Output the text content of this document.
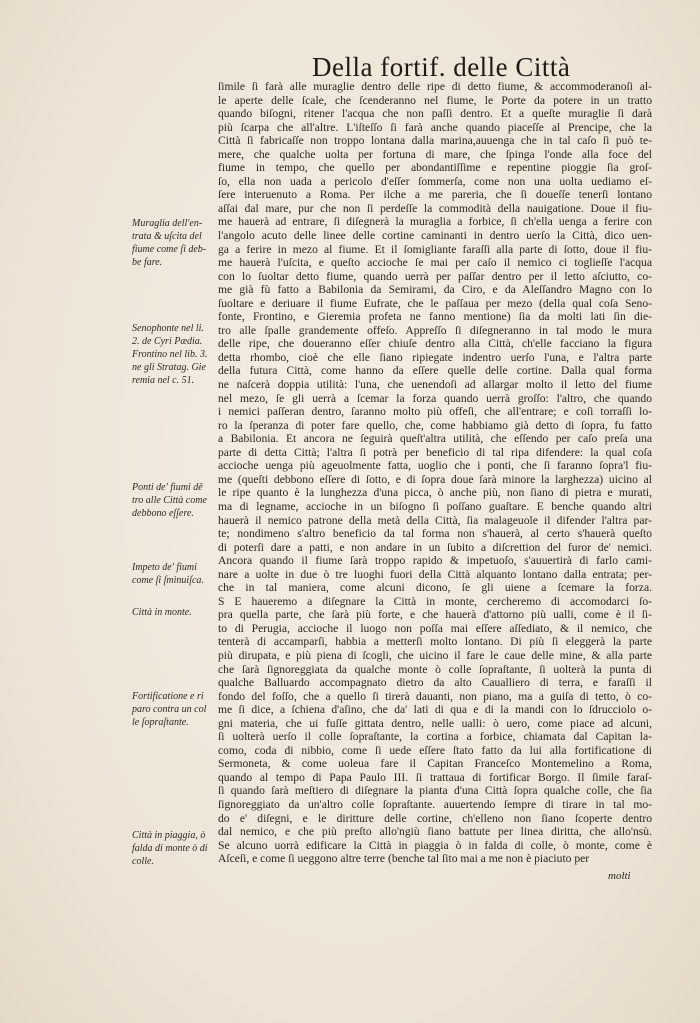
Della fortif. delle Città
ſimile ſi farà alle muraglie dentro delle ripe di detto fiume, & accommoderanoſi al-
le aperte delle ſcale, che ſcenderanno nel fiume, le Porte da potere in un tratto
quando biſogni, ritener l'acqua che non paſſi dentro. Et a queſte muraglie ſi darà
più ſcarpa che all'altre. L'iſteſſo ſi farà anche quando piaceſſe al Prencipe, che la
Città ſi fabricaſſe non troppo lontana dalla marina,auuenga che in tal caſo ſi può te-
mere, che qualche uolta per fortuna di mare, che ſpinga l'onde alla foce del
fiume in tempo, che quello per abondantiſſime e repentine pioggie ſia groſ-
ſo, ella non uada a pericolo d'eſſer ſommerſa, come non una uolta uediamo eſ-
ſere interuenuto a Roma. Per ilche a me pareria, che ſi doueſſe tenerſi lontano
aſſai dal mare, pur che non ſi perdeſſe la commodità della nauigatione. Doue il fiu-
me hauerà ad entrare, ſi diſegnerà la muraglia a forbice, ſi ch'ella uenga a ferire con
l'angolo acuto delle linee delle cortine caminanti in dentro uerſo la Città, dico uen-
ga a ferire in mezo al fiume. Et il ſomigliante faraſſi alla parte di ſotto, doue il fiu-
me hauerà l'uſcita, e queſto accioche ſe mai per caſo il nemico ci toglieſſe l'acqua
con lo ſuoltar detto fiume, quando uerrà per paſſar dentro per il letto aſciutto, co-
me già fù fatto a Babilonia da Semirami, da Ciro, e da Aleſſandro Magno con lo
ſuoltare e deriuare il fiume Eufrate, che le paſſaua per mezo (della qual coſa Seno-
fonte, Frontino, e Gieremia profeta ne fanno mentione) ſia da molti lati ſin die-
tro alle ſpalle grandemente offeſo. Appreſſo ſi diſegneranno in tal modo le mura
delle ripe, che doueranno eſſer chiuſe dentro alla Città, ch'elle facciano la figura
detta rhombo, cioè che elle ſiano ripiegate indentro uerſo l'una, e l'altra parte
della futura Città, come hanno da eſſere quelle delle cortine. Dalla qual forma
ne naſcerà doppia utilità: l'una, che uenendoſi ad allargar molto il letto del fiume
nel mezo, ſe gli uerrà a ſcemar la forza quando uerrà groſſo: l'altro, che quando
i nemici paſſeran dentro, ſaranno molto più offeſi, che all'entrare; e coſi torraſſi lo-
ro la ſperanza di poter fare quello, che, come habbiamo già detto di ſopra, fu fatto
a Babilonia. Et ancora ne ſeguirà queſt'altra utilità, che eſſendo per caſo preſa una
parte di detta Città; l'altra ſi potrà per beneficio di tal ripa difendere: la qual coſa
accioche uenga più ageuolmente fatta, uoglio che i ponti, che ſi faranno ſopra'l fiu-
me (queſti debbono eſſere di ſotto, e di ſopra doue ſarà minore la larghezza) uicino al
le ripe quanto è la lunghezza d'una picca, ò anche più, non ſiano di pietra e murati,
ma di legname, accioche in un biſogno ſi poſſano guaſtare. E benche quando altri
hauerà il nemico patrone della metà della Città, ſia malageuole il difender l'altra par-
te; nondimeno s'altro beneficio da tal forma non s'hauerà, al certo s'hauerà queſto
di poterſi dare a patti, e non andare in un ſubito a diſcrettion del furor de' nemici.
Ancora quando il fiume ſarà troppo rapido & impetuoſo, s'auuertirà di farlo cami-
nare a uolte in due ò tre luoghi fuori della Città alquanto lontano dalla entrata; per-
che in tal maniera, come alcuni dicono, ſe gli uiene a ſcemare la forza.
S E haueremo a diſegnare la Città in monte, cercheremo di accomodarci ſo-
pra quella parte, che ſarà più forte, e che hauerà d'attorno più ualli, come è il ſi-
to di Perugia, accioche il luogo non poſſa mai eſſere aſſediato, & il nemico, che
tenterà di accamparſi, habbia a metterſi molto lontano. Di più ſi eleggerà la parte
più dirupata, e più piena di ſcogli, che uicino il fare le caue delle mine, & alla parte
che ſarà ſignoreggiata da qualche monte ò colle ſopraſtante, ſi uolterà la punta di
qualche Balluardo accompagnato dietro da alto Caualliero di terra, e faraſſi il
fondo del foſſo, che a quello ſi tirerà dauanti, non piano, ma a guiſa di tetto, ò co-
me ſi dice, a ſchiena d'aſino, che da' lati di qua e di la mandi con lo ſdrucciolo o-
gni materia, che ui fuſſe gittata dentro, nelle ualli: ò uero, come piace ad alcuni,
ſi uolterà uerſo il colle ſopraſtante, la cortina a forbice, chiamata dal Capitan la-
como, coda di nibbio, come ſi uede eſſere ſtato fatto da lui alla fortificatione di
Sermoneta, & come uoleua fare il Capitan Franceſco Montemelino a Roma,
quando al tempo di Papa Paulo III. ſi trattaua di fortificar Borgo. Il ſimile faraſ-
ſi quando ſarà meſtiero di diſegnare la pianta d'una Città ſopra qualche colle, che ſia
ſignoreggiato da un'altro colle ſopraſtante. auuertendo ſempre di tirare in tal mo-
do e' diſegni, e le diritture delle cortine, ch'elleno non ſiano ſcoperte dentro
dal nemico, e che più preſto allo'ngiù ſiano battute per linea diritta, che allo'nsù.
Se alcuno uorrà edificare la Città in piaggia ò in falda di colle, ò monte, come è
Aſceſi, e come ſi ueggono altre terre (benche tal ſito mai a me non è piaciuto per
Muraglia dell'en-
trata & uſcita del
fiume come ſi deb-
be fare.
Senophonte nel li.
2. de Cyri Pædia.
Frontino nel lib. 3.
ne gli Stratag. Gie
remia nel c. 51.
Ponti de' fiumi dē
tro alle Città come
debbono eſſere.
Impeto de' fiumi
come ſi ſminuiſca.
Città in monte.
Fortificatione e ri
paro contra un col
le ſopraſtante.
Città in piaggia, ò
falda di monte ò di
colle.
molti
